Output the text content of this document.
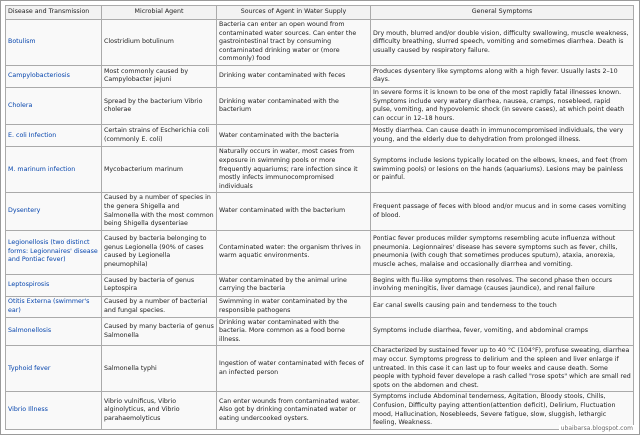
Disease and Transmission	Microbial Agent	Sources of Agent in Water Supply	General Symptoms
Botulism	Clostridium botulinum	Bacteria can enter an open wound from contaminated water sources. Can enter the gastrointestinal tract by consuming contaminated drinking water or (more commonly) food	Dry mouth, blurred and/or double vision, difficulty swallowing, muscle weakness, difficulty breathing, slurred speech, vomiting and sometimes diarrhea. Death is usually caused by respiratory failure.
Campylobacteriosis	Most commonly caused by Campylobacter jejuni	Drinking water contaminated with feces	Produces dysentery like symptoms along with a high fever. Usually lasts 2–10 days.
Cholera	Spread by the bacterium Vibrio cholerae	Drinking water contaminated with the bacterium	In severe forms it is known to be one of the most rapidly fatal illnesses known. Symptoms include very watery diarrhea, nausea, cramps, nosebleed, rapid pulse, vomiting, and hypovolemic shock (in severe cases), at which point death can occur in 12–18 hours.
E. coli Infection	Certain strains of Escherichia coli (commonly E. coli)	Water contaminated with the bacteria	Mostly diarrhea. Can cause death in immunocompromised individuals, the very young, and the elderly due to dehydration from prolonged illness.
M. marinum infection	Mycobacterium marinum	Naturally occurs in water, most cases from exposure in swimming pools or more frequently aquariums; rare infection since it mostly infects immunocompromised individuals	Symptoms include lesions typically located on the elbows, knees, and feet (from swimming pools) or lesions on the hands (aquariums). Lesions may be painless or painful.
Dysentery	Caused by a number of species in the genera Shigella and Salmonella with the most common being Shigella dysenteriae	Water contaminated with the bacterium	Frequent passage of feces with blood and/or mucus and in some cases vomiting of blood.
Legionellosis (two distinct forms: Legionnaires' disease and Pontiac fever)	Caused by bacteria belonging to genus Legionella (90% of cases caused by Legionella pneumophila)	Contaminated water: the organism thrives in warm aquatic environments.	Pontiac fever produces milder symptoms resembling acute influenza without pneumonia. Legionnaires' disease has severe symptoms such as fever, chills, pneumonia (with cough that sometimes produces sputum), ataxia, anorexia, muscle aches, malaise and occasionally diarrhea and vomiting.
Leptospirosis	Caused by bacteria of genus Leptospira	Water contaminated by the animal urine carrying the bacteria	Begins with flu-like symptoms then resolves. The second phase then occurs involving meningitis, liver damage (causes jaundice), and renal failure
Otitis Externa (swimmer's ear)	Caused by a number of bacterial and fungal species.	Swimming in water contaminated by the responsible pathogens	Ear canal swells causing pain and tenderness to the touch
Salmonellosis	Caused by many bacteria of genus Salmonella	Drinking water contaminated with the bacteria. More common as a food borne illness.	Symptoms include diarrhea, fever, vomiting, and abdominal cramps
Typhoid fever	Salmonella typhi	Ingestion of water contaminated with feces of an infected person	Characterized by sustained fever up to 40 °C (104°F), profuse sweating, diarrhea may occur. Symptoms progress to delirium and the spleen and liver enlarge if untreated. In this case it can last up to four weeks and cause death. Some people with typhoid fever develope a rash called "rose spots" which are small red spots on the abdomen and chest.
Vibrio Illness	Vibrio vulnificus, Vibrio alginolyticus, and Vibrio parahaemolyticus	Can enter wounds from contaminated water. Also got by drinking contaminated water or eating undercooked oysters.	Symptoms include Abdominal tenderness, Agitation, Bloody stools, Chills, Confusion, Difficulty paying attention(attention deficit), Delirium, Fluctuation mood, Hallucination, Nosebleeds, Severe fatigue, slow, sluggish, lethargic feeling, Weakness.
ubaibarsa.blogspot.com
